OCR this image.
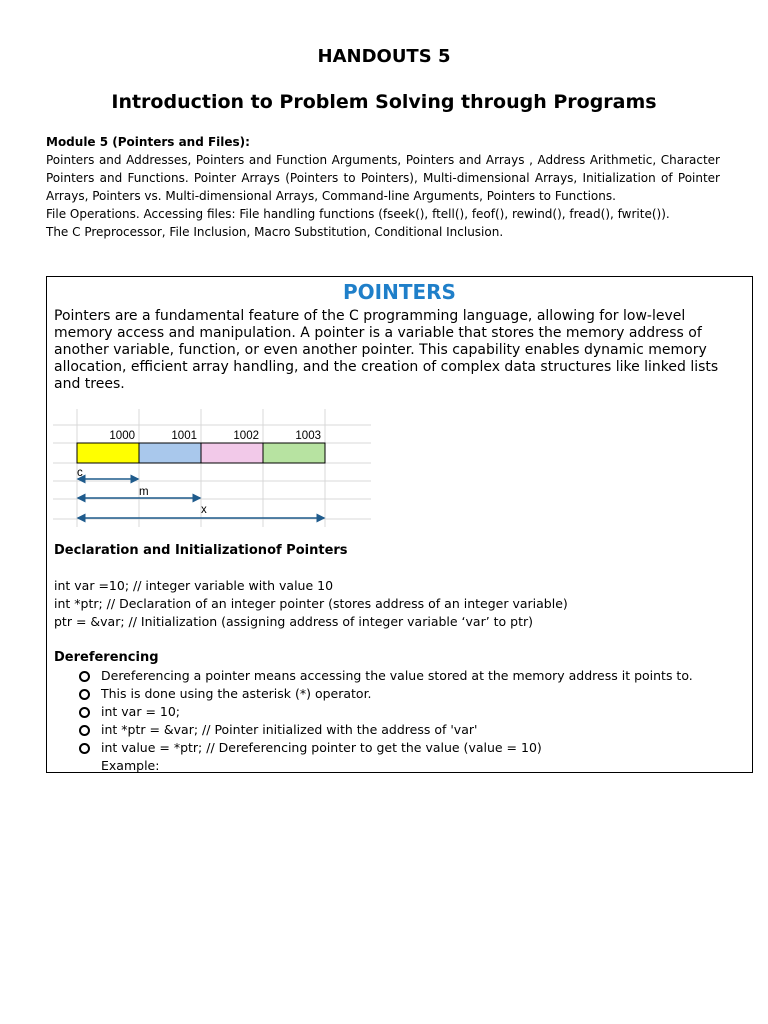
HANDOUTS 5
Introduction to Problem Solving through Programs
Module 5 (Pointers and Files):

Pointers and Addresses, Pointers and Function Arguments, Pointers and Arrays , Address Arithmetic, Character Pointers and Functions. Pointer Arrays (Pointers to Pointers), Multi-dimensional Arrays, Initialization of Pointer Arrays, Pointers vs. Multi-dimensional Arrays, Command-line Arguments, Pointers to Functions.

File Operations. Accessing files: File handling functions (fseek(), ftell(), feof(), rewind(), fread(), fwrite()).

The C Preprocessor, File Inclusion, Macro Substitution, Conditional Inclusion.

POINTERS

Pointers are a fundamental feature of the C programming language, allowing for low-level memory access and manipulation. A pointer is a variable that stores the memory address of another variable, function, or even another pointer. This capability enables dynamic memory allocation, efficient array handling, and the creation of complex data structures like linked lists and trees.

1000	1001	1002	1003
c
m
x
Declaration and Initializationof Pointers
int var =10; // integer variable with value 10
int *ptr; // Declaration of an integer pointer (stores address of an integer variable)
ptr = &var; // Initialization (assigning address of integer variable ‘var’ to ptr)
Dereferencing
Dereferencing a pointer means accessing the value stored at the memory address it points to.
This is done using the asterisk (*) operator.
int var = 10;
int *ptr = &var; // Pointer initialized with the address of 'var'
int value = *ptr; // Dereferencing pointer to get the value (value = 10)
Example:
